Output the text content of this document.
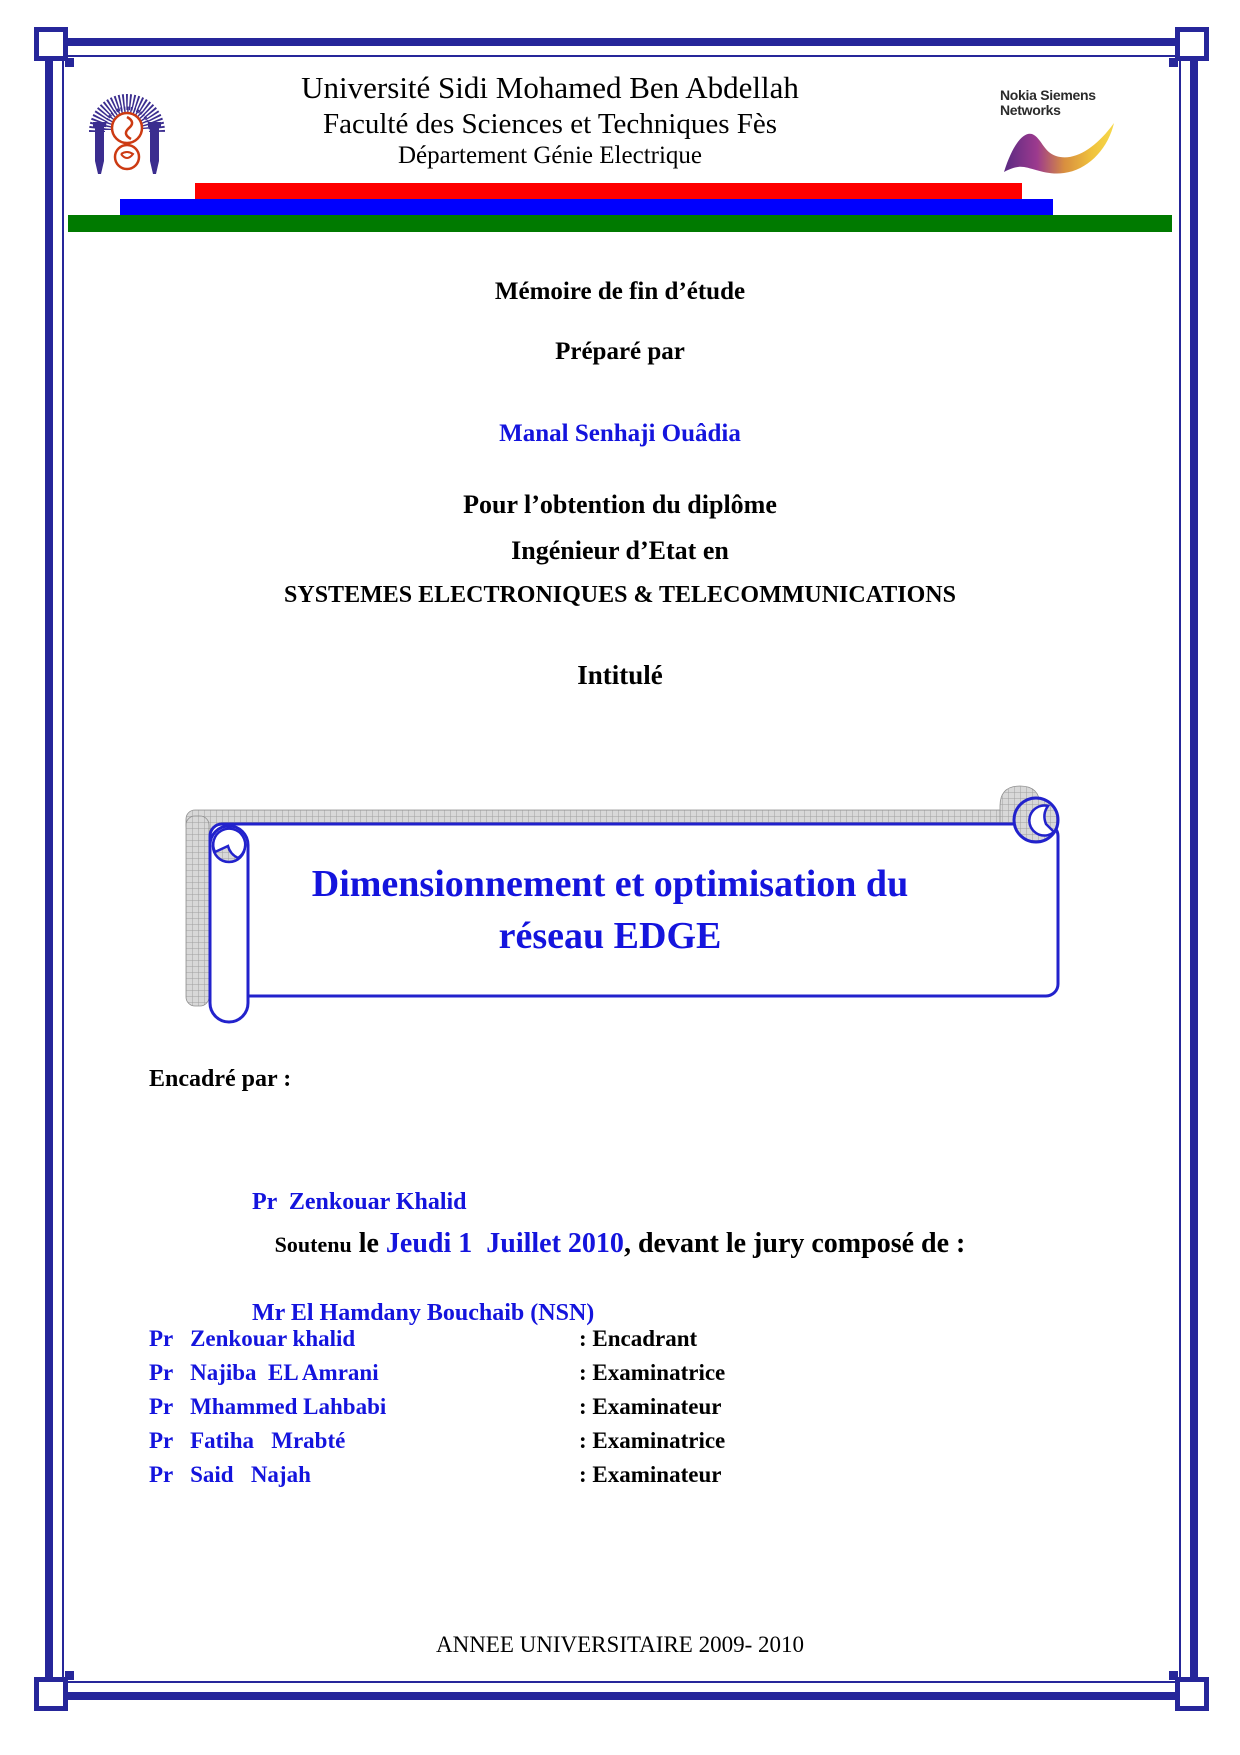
Université Sidi Mohamed Ben Abdellah
Faculté des Sciences et Techniques Fès
Département Génie Electrique
Nokia Siemens
Networks
Mémoire de fin d’étude
Préparé par
Manal Senhaji Ouâdia
Pour l’obtention du diplôme
Ingénieur d’Etat en
SYSTEMES ELECTRONIQUES & TELECOMMUNICATIONS
Intitulé
Dimensionnement et optimisation du
réseau EDGE
Encadré par :

Pr  Zenkouar Khalid

Mr El Hamdany Bouchaib (NSN)

Soutenu le Jeudi 1  Juillet 2010, devant le jury composé de :
Pr   Zenkouar khalid	: Encadrant
Pr   Najiba  EL Amrani	: Examinatrice
Pr   Mhammed Lahbabi	: Examinateur
Pr   Fatiha   Mrabté	: Examinatrice
Pr   Said   Najah	: Examinateur
ANNEE UNIVERSITAIRE 2009- 2010
